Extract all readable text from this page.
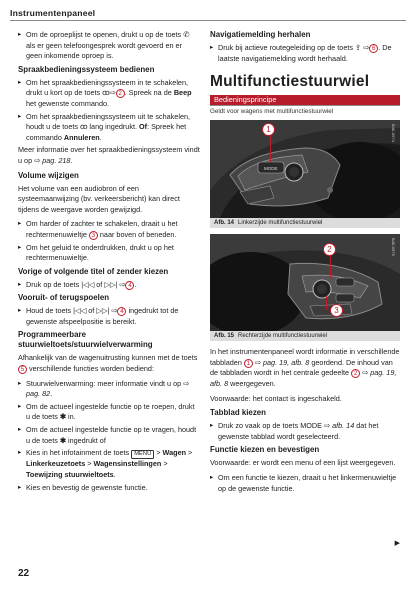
Instrumentenpaneel
▸ Om de oproeplijst te openen, drukt u op de toets ✆ als er geen telefoongesprek wordt gevoerd en er geen inkomende oproep is.
Spraakbedieningssysteem bedienen
▸ Om het spraakbedieningssysteem in te schakelen, drukt u kort op de toets ꝏ⇨ 2 . Spreek na de Beep het gewenste commando.
▸ Om het spraakbedieningssysteem uit te schakelen, houdt u de toets ꝏ lang ingedrukt. Of: Spreek het commando Annuleren.

Meer informatie over het spraakbedieningssysteem vindt u op ⇨ pag. 218.

Volume wijzigen

Het volume van een audiobron of een systeemaanwijzing (bv. verkeersbericht) kan direct tijdens de weergave worden gewijzigd.

▸ Om harder of zachter te schakelen, draait u het rechtermenuwieltje 3 naar boven of beneden.
▸ Om het geluid te onderdrukken, drukt u op het rechtermenuwieltje.
Vorige of volgende titel of zender kiezen
▸ Druk op de toets |◁◁ of ▷▷| ⇨ 4 .
Vooruit- of terugspoelen
▸ Houd de toets |◁◁ of ▷▷| ⇨ 4 ingedrukt tot de gewenste afspeelpositie is bereikt.
Programmeerbare stuurwieltoets/stuurwielverwarming

Afhankelijk van de wagenuitrusting kunnen met de toets 5 verschillende functies worden bediend:

▸ Stuurwielverwarming: meer informatie vindt u op ⇨ pag. 82.
▸ Om de actueel ingestelde functie op te roepen, drukt u de toets ✱ in.
▸ Om de actueel ingestelde functie op te vragen, houdt u de toets ✱ ingedrukt of
▸ Kies in het infotainment de toets MENU > Wagen > Linkerkeuzetoets > Wagensinstellingen > Toewijzing stuurwieltoets.
▸ Kies en bevestig de gewenste functie.
Navigatiemelding herhalen
▸ Druk bij actieve routegeleiding op de toets ⇪ ⇨ 6 . De laatste navigatiemelding wordt herhaald.
Multifunctiestuurwiel
Bedieningsprincipe
Geldt voor wagens met multifunctiestuurwiel
MODE
1	B4K-0574
Afb. 14 Linkerzijde multifunctiestuurwiel
2
3
B4K-0575
Afb. 15 Rechterzijde multifunctiestuurwiel

In het instrumentenpaneel wordt informatie in verschillende tabbladen 1 ⇨ pag. 19, afb. 8 geordend. De inhoud van de tabbladen wordt in het centrale gedeelte 2 ⇨ pag. 19, afb. 8 weergegeven.

Voorwaarde: het contact is ingeschakeld.

Tabblad kiezen
▸ Druk zo vaak op de toets MODE ⇨ afb. 14 dat het gewenste tabblad wordt geselecteerd.
Functie kiezen en bevestigen

Voorwaarde: er wordt een menu of een lijst weergegeven.

▸ Om een functie te kiezen, draait u het linkermenuwieltje op de gewenste functie.
▶
22
